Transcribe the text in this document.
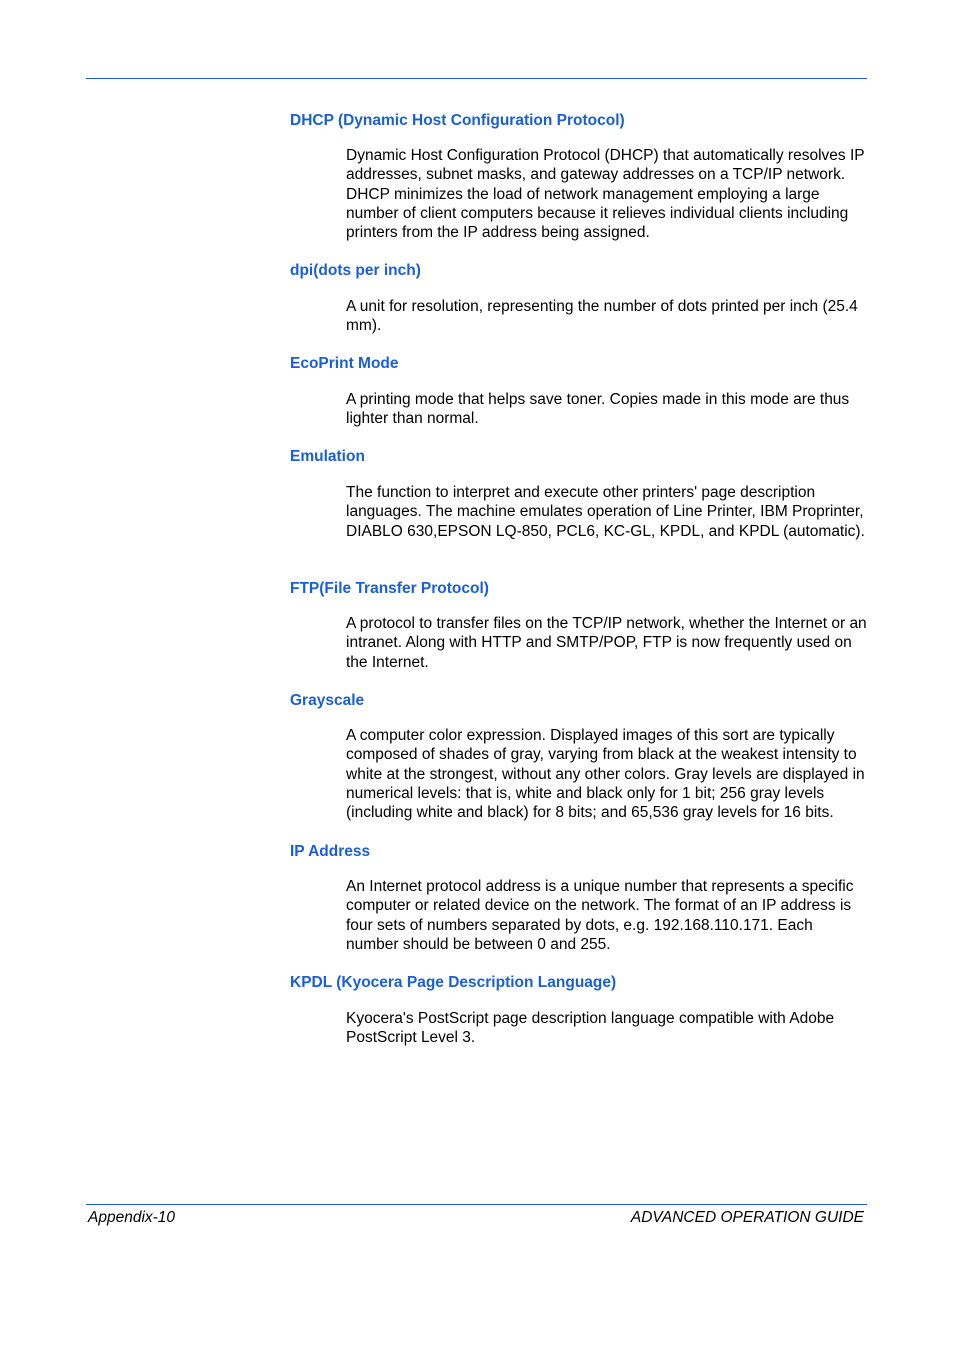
DHCP (Dynamic Host Configuration Protocol)

Dynamic Host Configuration Protocol (DHCP) that automatically resolves IP addresses, subnet masks, and gateway addresses on a TCP/IP network. DHCP minimizes the load of network management employing a large number of client computers because it relieves individual clients including printers from the IP address being assigned.

dpi(dots per inch)

A unit for resolution, representing the number of dots printed per inch (25.4 mm).

EcoPrint Mode

A printing mode that helps save toner. Copies made in this mode are thus lighter than normal.

Emulation

The function to interpret and execute other printers' page description languages. The machine emulates operation of Line Printer, IBM Proprinter, DIABLO 630,EPSON LQ-850, PCL6, KC-GL, KPDL, and KPDL (automatic).

FTP(File Transfer Protocol)

A protocol to transfer files on the TCP/IP network, whether the Internet or an intranet. Along with HTTP and SMTP/POP, FTP is now frequently used on the Internet.

Grayscale

A computer color expression. Displayed images of this sort are typically composed of shades of gray, varying from black at the weakest intensity to white at the strongest, without any other colors. Gray levels are displayed in numerical levels: that is, white and black only for 1 bit; 256 gray levels (including white and black) for 8 bits; and 65,536 gray levels for 16 bits.

IP Address

An Internet protocol address is a unique number that represents a specific computer or related device on the network. The format of an IP address is four sets of numbers separated by dots, e.g. 192.168.110.171. Each number should be between 0 and 255.

KPDL (Kyocera Page Description Language)

Kyocera's PostScript page description language compatible with Adobe PostScript Level 3.

Appendix-10	ADVANCED OPERATION GUIDE
